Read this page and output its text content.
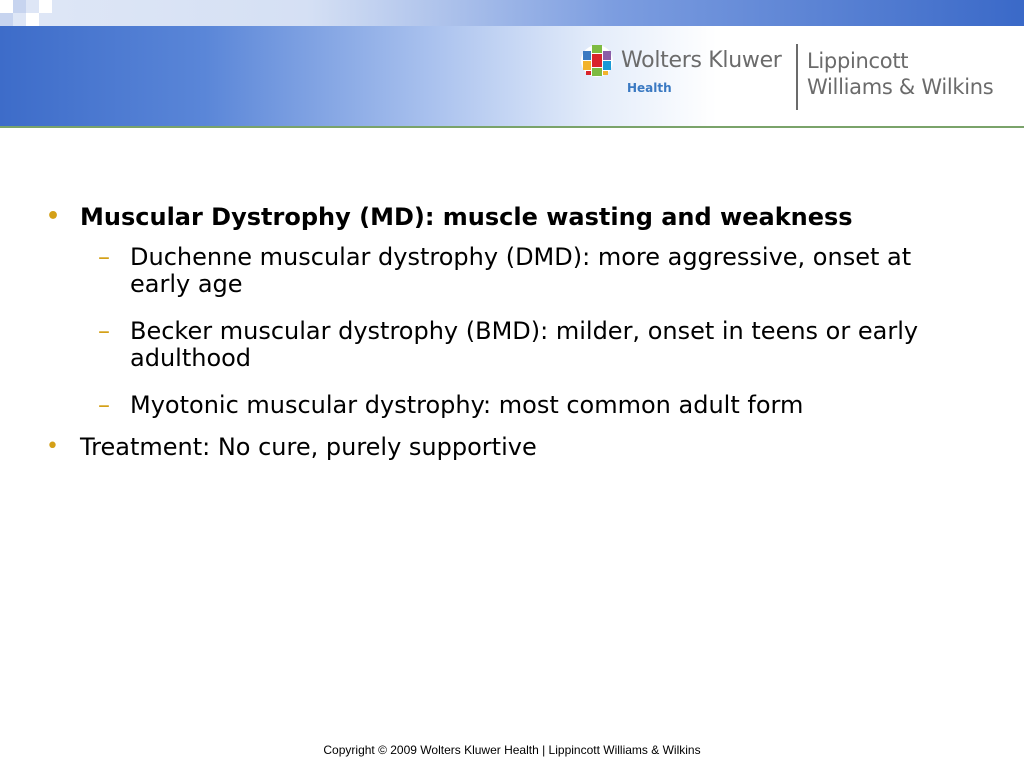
Wolters Kluwer
Health
Lippincott
Williams & Wilkins
• Muscular Dystrophy (MD): muscle wasting and weakness
– Duchenne muscular dystrophy (DMD): more aggressive, onset at early age
– Becker muscular dystrophy (BMD): milder, onset in teens or early adulthood
– Myotonic muscular dystrophy: most common adult form
• Treatment: No cure, purely supportive
Copyright © 2009 Wolters Kluwer Health | Lippincott Williams & Wilkins
